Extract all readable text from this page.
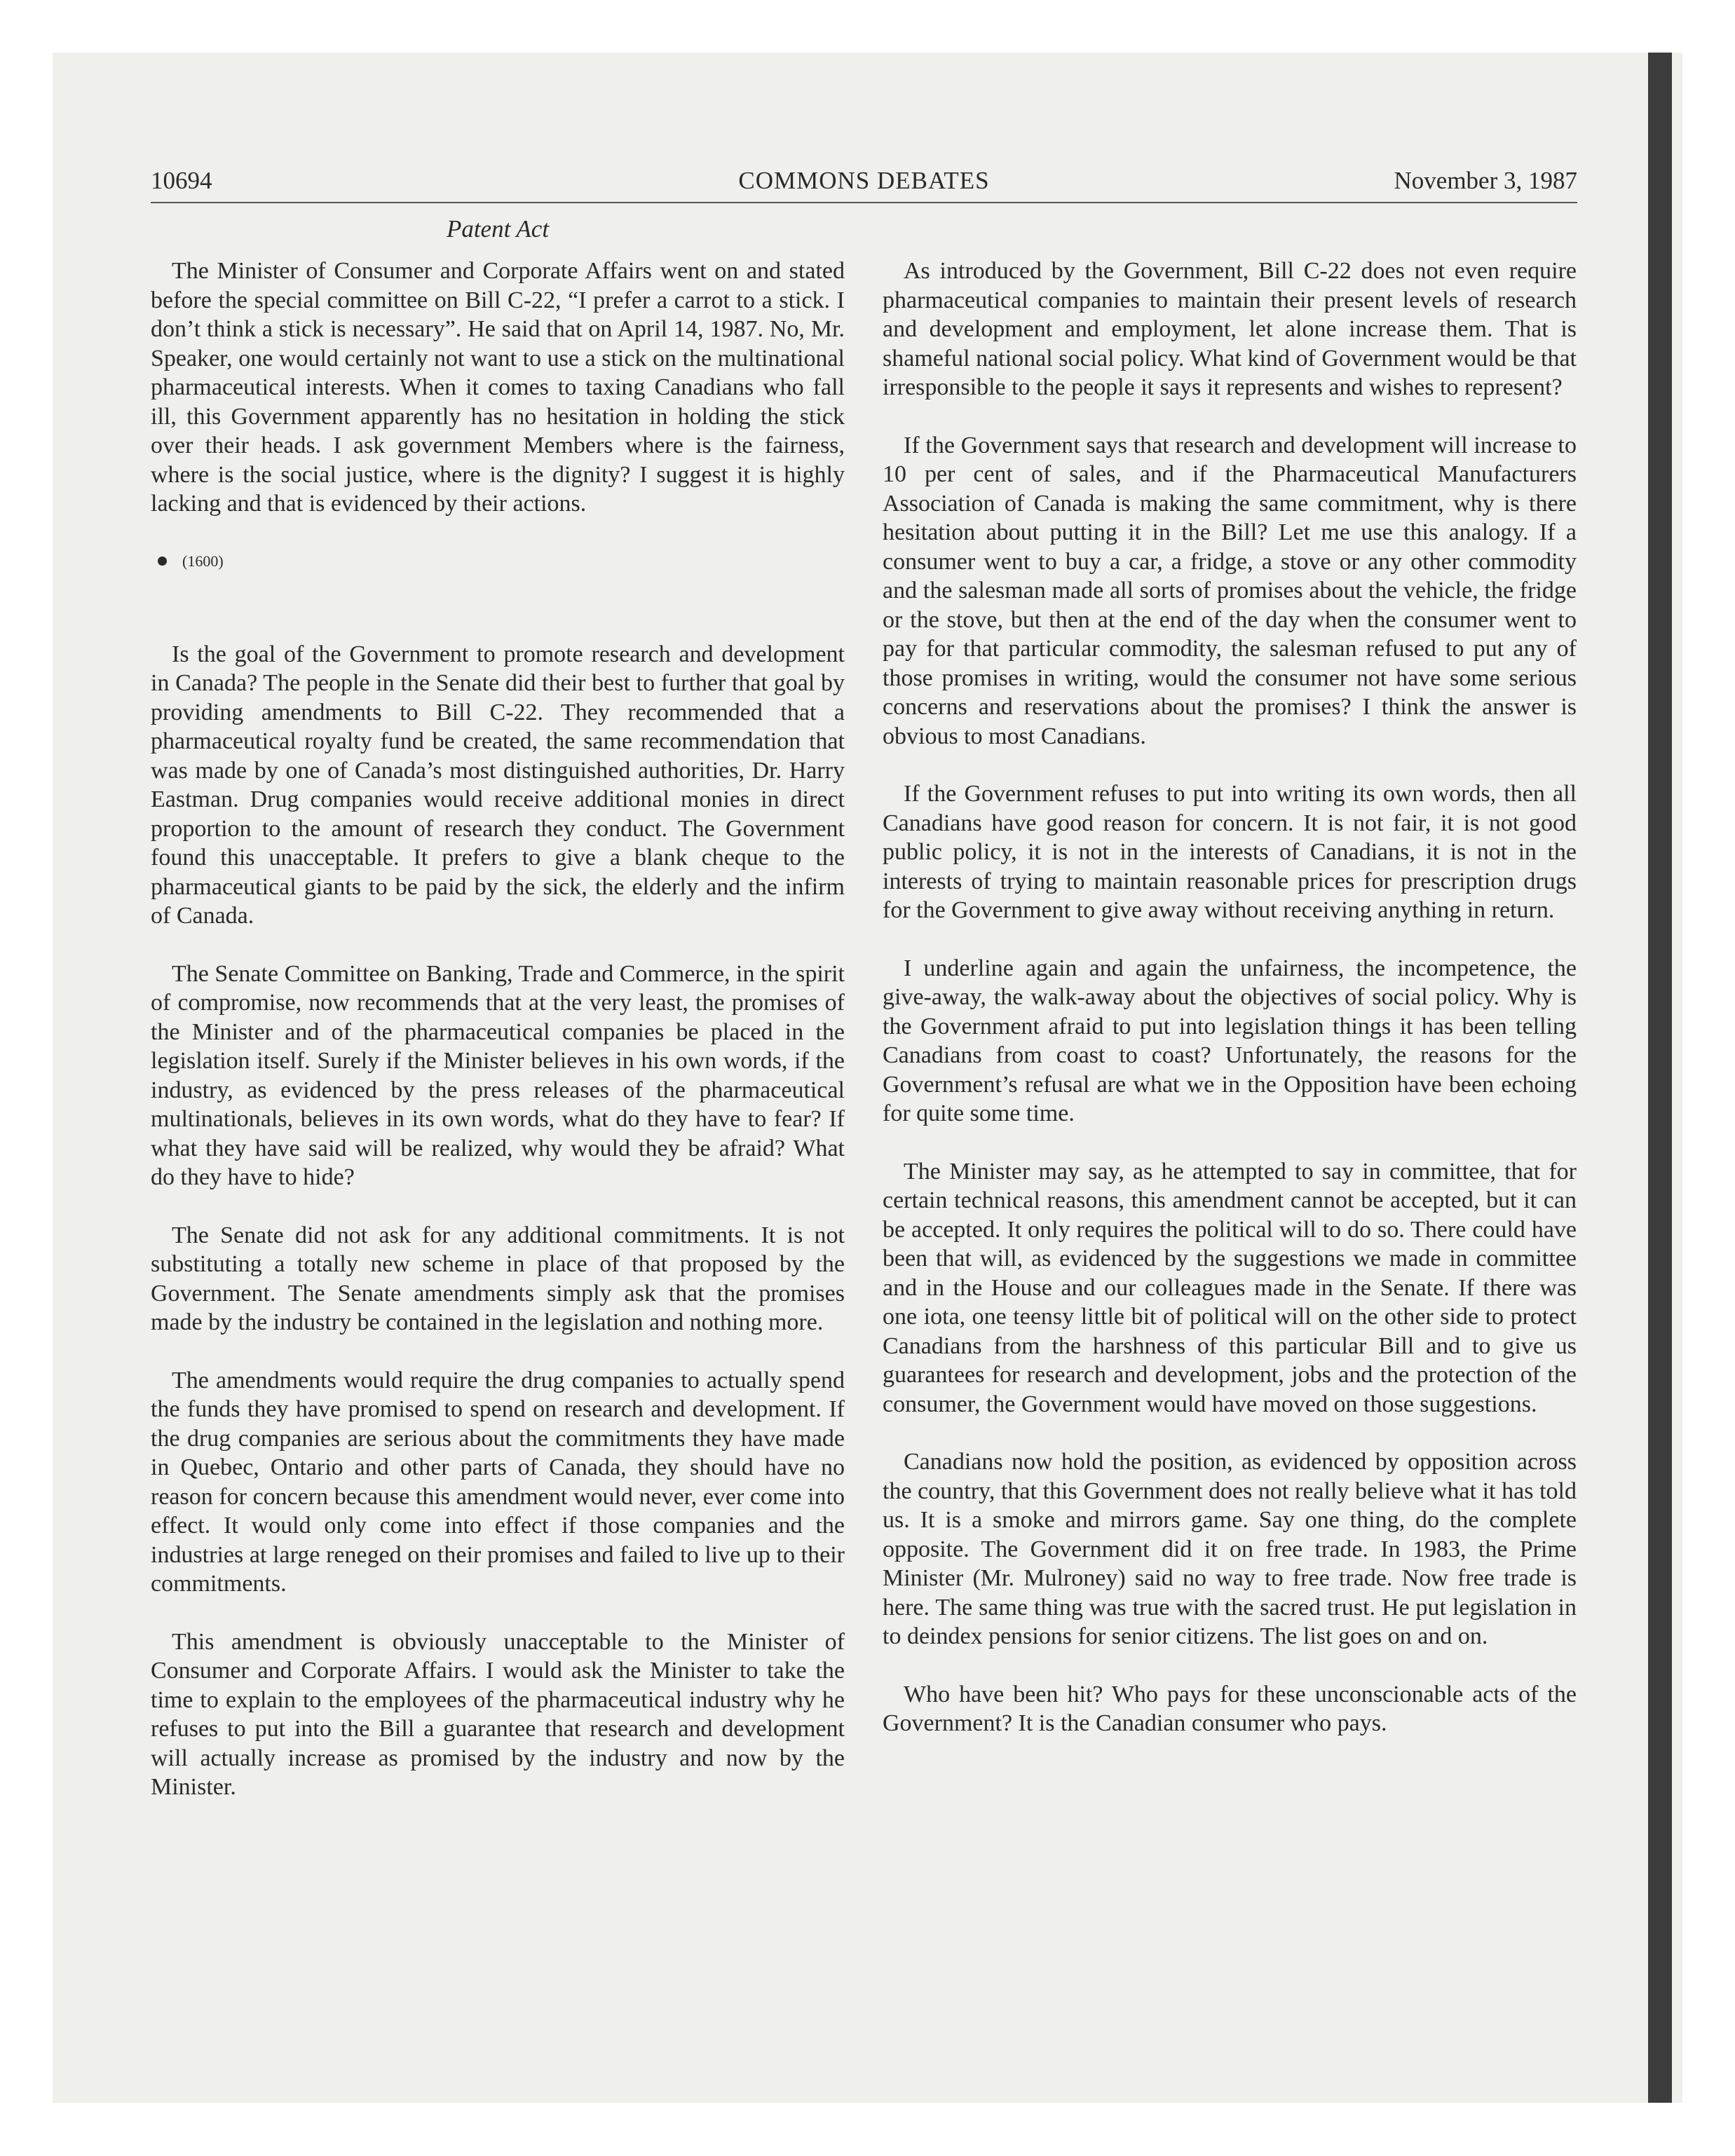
10694	COMMONS DEBATES	November 3, 1987
Patent Act

The Minister of Consumer and Corporate Affairs went on and stated before the special committee on Bill C-22, “I prefer a carrot to a stick. I don’t think a stick is necessary”. He said that on April 14, 1987. No, Mr. Speaker, one would certainly not want to use a stick on the multinational pharmaceutical interests. When it comes to taxing Canadians who fall ill, this Government apparently has no hesitation in holding the stick over their heads. I ask government Members where is the fairness, where is the social justice, where is the dignity? I suggest it is highly lacking and that is evidenced by their actions.

(1600)

Is the goal of the Government to promote research and development in Canada? The people in the Senate did their best to further that goal by providing amendments to Bill C-22. They recommended that a pharmaceutical royalty fund be created, the same recommendation that was made by one of Canada’s most distinguished authorities, Dr. Harry Eastman. Drug companies would receive additional monies in direct proportion to the amount of research they conduct. The Government found this unacceptable. It prefers to give a blank cheque to the pharmaceutical giants to be paid by the sick, the elderly and the infirm of Canada.

The Senate Committee on Banking, Trade and Commerce, in the spirit of compromise, now recommends that at the very least, the promises of the Minister and of the pharmaceutical companies be placed in the legislation itself. Surely if the Minister believes in his own words, if the industry, as evidenced by the press releases of the pharmaceutical multinationals, believes in its own words, what do they have to fear? If what they have said will be realized, why would they be afraid? What do they have to hide?

The Senate did not ask for any additional commitments. It is not substituting a totally new scheme in place of that proposed by the Government. The Senate amendments simply ask that the promises made by the industry be contained in the legislation and nothing more.

The amendments would require the drug companies to actually spend the funds they have promised to spend on research and development. If the drug companies are serious about the commitments they have made in Quebec, Ontario and other parts of Canada, they should have no reason for concern because this amendment would never, ever come into effect. It would only come into effect if those companies and the industries at large reneged on their promises and failed to live up to their commitments.

This amendment is obviously unacceptable to the Minister of Consumer and Corporate Affairs. I would ask the Minister to take the time to explain to the employees of the pharmaceutical industry why he refuses to put into the Bill a guarantee that research and development will actually increase as promised by the industry and now by the Minister.

As introduced by the Government, Bill C-22 does not even require pharmaceutical companies to maintain their present levels of research and development and employment, let alone increase them. That is shameful national social policy. What kind of Government would be that irresponsible to the people it says it represents and wishes to represent?

If the Government says that research and development will increase to 10 per cent of sales, and if the Pharmaceutical Manufacturers Association of Canada is making the same commitment, why is there hesitation about putting it in the Bill? Let me use this analogy. If a consumer went to buy a car, a fridge, a stove or any other commodity and the salesman made all sorts of promises about the vehicle, the fridge or the stove, but then at the end of the day when the consumer went to pay for that particular commodity, the salesman refused to put any of those promises in writing, would the consumer not have some serious concerns and reservations about the promises? I think the answer is obvious to most Canadians.

If the Government refuses to put into writing its own words, then all Canadians have good reason for concern. It is not fair, it is not good public policy, it is not in the interests of Canadians, it is not in the interests of trying to maintain reasonable prices for prescription drugs for the Government to give away without receiving anything in return.

I underline again and again the unfairness, the incompetence, the give-away, the walk-away about the objectives of social policy. Why is the Government afraid to put into legislation things it has been telling Canadians from coast to coast? Unfortunately, the reasons for the Government’s refusal are what we in the Opposition have been echoing for quite some time.

The Minister may say, as he attempted to say in committee, that for certain technical reasons, this amendment cannot be accepted, but it can be accepted. It only requires the political will to do so. There could have been that will, as evidenced by the suggestions we made in committee and in the House and our colleagues made in the Senate. If there was one iota, one teensy little bit of political will on the other side to protect Canadians from the harshness of this particular Bill and to give us guarantees for research and development, jobs and the protection of the consumer, the Government would have moved on those suggestions.

Canadians now hold the position, as evidenced by opposition across the country, that this Government does not really believe what it has told us. It is a smoke and mirrors game. Say one thing, do the complete opposite. The Government did it on free trade. In 1983, the Prime Minister (Mr. Mulroney) said no way to free trade. Now free trade is here. The same thing was true with the sacred trust. He put legislation in to deindex pensions for senior citizens. The list goes on and on.

Who have been hit? Who pays for these unconscionable acts of the Government? It is the Canadian consumer who pays.
